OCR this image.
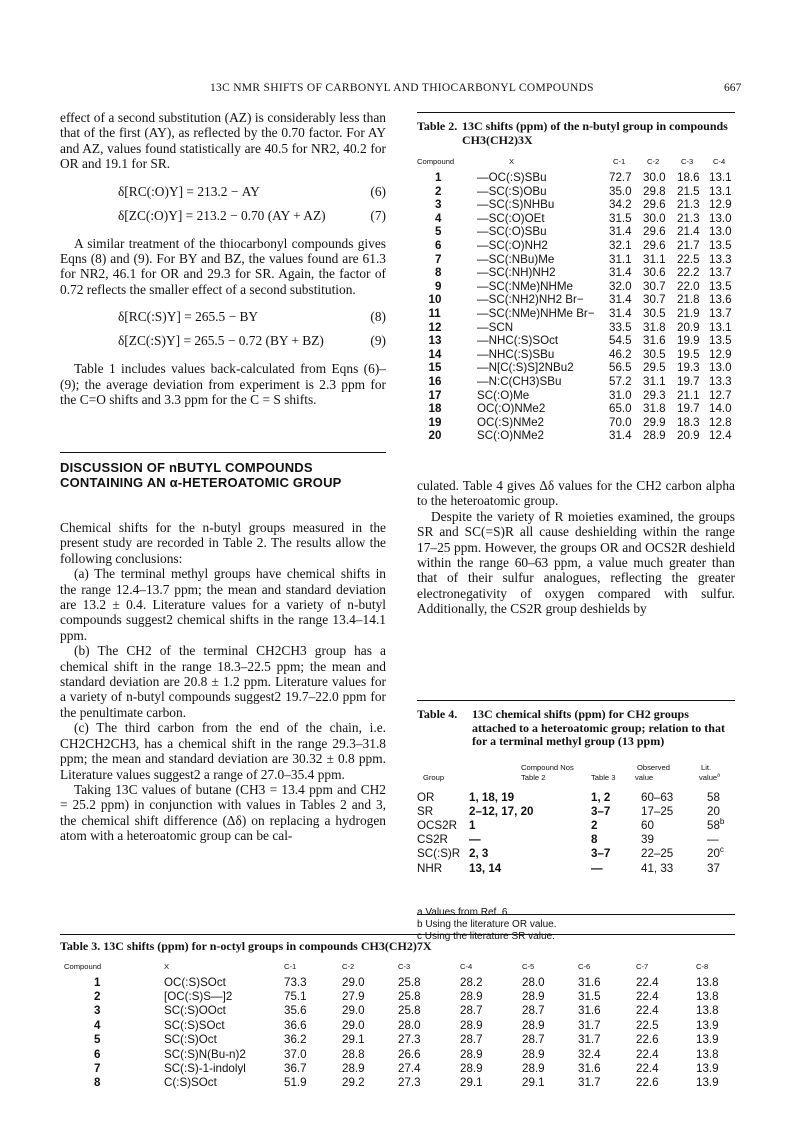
13C NMR SHIFTS OF CARBONYL AND THIOCARBONYL COMPOUNDS	667

effect of a second substitution (AZ) is considerably less than that of the first (AY), as reflected by the 0.70 factor. For AY and AZ, values found statistically are 40.5 for NR2, 40.2 for OR and 19.1 for SR.

δ[RC(:O)Y] = 213.2 − AY	(6)
δ[ZC(:O)Y] = 213.2 − 0.70 (AY + AZ)	(7)

A similar treatment of the thiocarbonyl compounds gives Eqns (8) and (9). For BY and BZ, the values found are 61.3 for NR2, 46.1 for OR and 29.3 for SR. Again, the factor of 0.72 reflects the smaller effect of a second substitution.

δ[RC(:S)Y] = 265.5 − BY	(8)
δ[ZC(:S)Y] = 265.5 − 0.72 (BY + BZ)	(9)

Table 1 includes values back-calculated from Eqns (6)–(9); the average deviation from experiment is 2.3 ppm for the C=O shifts and 3.3 ppm for the C = S shifts.

DISCUSSION OF nBUTYL COMPOUNDS CONTAINING AN α-HETEROATOMIC GROUP

Chemical shifts for the n-butyl groups measured in the present study are recorded in Table 2. The results allow the following conclusions:

(a) The terminal methyl groups have chemical shifts in the range 12.4–13.7 ppm; the mean and standard deviation are 13.2 ± 0.4. Literature values for a variety of n-butyl compounds suggest2 chemical shifts in the range 13.4–14.1 ppm.

(b) The CH2 of the terminal CH2CH3 group has a chemical shift in the range 18.3–22.5 ppm; the mean and standard deviation are 20.8 ± 1.2 ppm. Literature values for a variety of n-butyl compounds suggest2 19.7–22.0 ppm for the penultimate carbon.

(c) The third carbon from the end of the chain, i.e. CH2CH2CH3, has a chemical shift in the range 29.3–31.8 ppm; the mean and standard deviation are 30.32 ± 0.8 ppm. Literature values suggest2 a range of 27.0–35.4 ppm.

Taking 13C values of butane (CH3 = 13.4 ppm and CH2 = 25.2 ppm) in conjunction with values in Tables 2 and 3, the chemical shift difference (Δδ) on replacing a hydrogen atom with a heteroatomic group can be cal-

Table 2. 13C shifts (ppm) of the n-butyl group in compounds CH3(CH2)3X
Compound	X	C-1	C-2	C-3	C-4
1	—OC(:S)SBu	72.7 30.0 18.6 13.1
2	—SC(:S)OBu	35.0 29.8 21.5 13.1
3	—SC(:S)NHBu	34.2 29.6 21.3 12.9
4	—SC(:O)OEt	31.5 30.0 21.3 13.0
5	—SC(:O)SBu	31.4 29.6 21.4 13.0
6	—SC(:O)NH2	32.1 29.6 21.7 13.5
7	—SC(:NBu)Me	31.1 31.1 22.5 13.3
8	—SC(:NH)NH2	31.4 30.6 22.2 13.7
9	—SC(:NMe)NHMe	32.0 30.7 22.0 13.5
10	—SC(:NH2)NH2 Br− 31.4 30.7 21.8 13.6
11	—SC(:NMe)NHMe Br− 31.4 30.5 21.9 13.7
12	—SCN	33.5 31.8 20.9 13.1
13	—NHC(:S)SOct	54.5 31.6 19.9 13.5
14	—NHC(:S)SBu	46.2 30.5 19.5 12.9
15	—N[C(:S)S]2NBu2	56.5 29.5 19.3 13.0
16	—N:C(CH3)SBu	57.2 31.1 19.7 13.3
17	SC(:O)Me	31.0 29.3 21.1 12.7
18	OC(:O)NMe2	65.0 31.8 19.7 14.0
19	OC(:S)NMe2	70.0 29.9 18.3 12.8
20	SC(:O)NMe2	31.4 28.9 20.9 12.4

culated. Table 4 gives Δδ values for the CH2 carbon alpha to the heteroatomic group.

Despite the variety of R moieties examined, the groups SR and SC(=S)R all cause deshielding within the range 17–25 ppm. However, the groups OR and OCS2R deshield within the range 60–63 ppm, a value much greater than that of their sulfur analogues, reflecting the greater electronegativity of oxygen compared with sulfur. Additionally, the CS2R group deshields by

Table 4. 13C chemical shifts (ppm) for CH2 groups attached to a heteroatomic group; relation to that for a terminal methyl group (13 ppm)
Compound Nos
Group	Table 2	Table 3
Observed
value
Lit.
value$^a$
OR	1, 18, 19	1, 2	60–63	58
SR	2–12, 17, 20	3–7	17–25	20
OCS2R 1	2	60	58$^b$
CS2R —	8	39	—
SC(:S)R 2, 3	3–7	22–25	20$^c$
NHR 13, 14	—	41, 33	37
a Values from Ref. 6.
b Using the literature OR value.
c Using the literature SR value.
Table 3. 13C shifts (ppm) for n-octyl groups in compounds CH3(CH2)7X
Compound	X	C-1	C-2	C-3	C-4	C-5	C-6	C-7	C-8
1	OC(:S)SOct	73.3	29.0	25.8	28.2	28.0	31.6	22.4	13.8
2	[OC(:S)S—]2	75.1	27.9	25.8	28.9	28.9	31.5	22.4	13.8
3	SC(:S)OOct	35.6	29.0	25.8	28.7	28.7	31.6	22.4	13.8
4	SC(:S)SOct	36.6	29.0	28.0	28.9	28.9	31.7	22.5	13.9
5	SC(:S)Oct	36.2	29.1	27.3	28.7	28.7	31.7	22.6	13.9
6	SC(:S)N(Bu-n)2	37.0	28.8	26.6	28.9	28.9	32.4	22.4	13.8
7	SC(:S)-1-indolyl	36.7	28.9	27.4	28.9	28.9	31.6	22.4	13.9
8	C(:S)SOct	51.9	29.2	27.3	29.1	29.1	31.7	22.6	13.9
